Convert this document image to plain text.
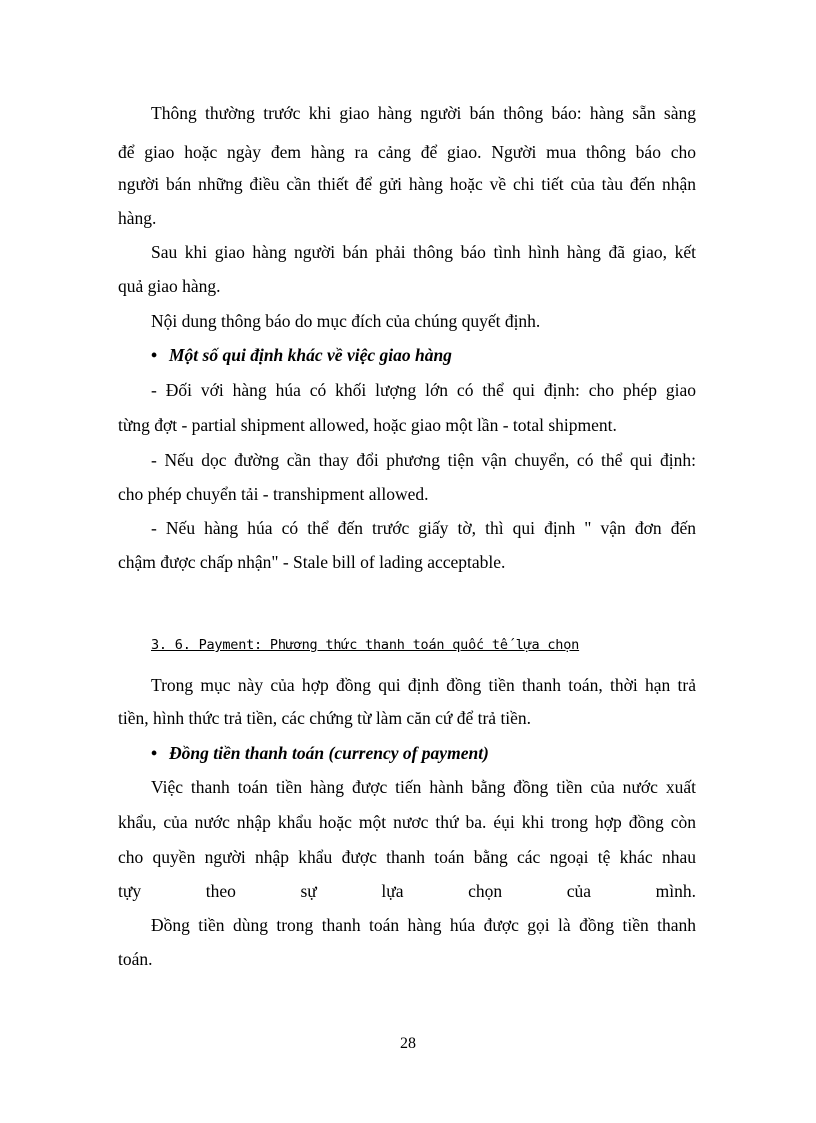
Thông thường trước khi giao hàng người bán thông báo: hàng sẵn sàng

để giao hoặc ngày đem hàng ra cảng để giao. Người mua thông báo cho

người bán những điều cần thiết để gửi hàng hoặc về chi tiết của tàu đến nhận

hàng.

Sau khi giao hàng người bán phải thông báo tình hình hàng đã giao, kết

quả giao hàng.

Nội dung thông báo do mục đích của chúng quyết định.

• Một số qui định khác về việc giao hàng

- Đối với hàng húa có khối lượng lớn có thể qui định: cho phép giao

từng đợt - partial shipment allowed, hoặc giao một lần - total shipment.

- Nếu dọc đường cần thay đổi phương tiện vận chuyển, có thể qui định:

cho phép chuyển tải - transhipment allowed.

- Nếu hàng húa có thể đến trước giấy tờ, thì qui định " vận đơn đến

chậm được chấp nhận" - Stale bill of lading acceptable.

3. 6. Payment: Phương thức thanh toán quốc tế lựa chọn

Trong mục này của hợp đồng qui định đồng tiền thanh toán, thời hạn trả

tiền, hình thức trả tiền, các chứng từ làm căn cứ để trả tiền.

• Đồng tiền thanh toán (currency of payment)

Việc thanh toán tiền hàng được tiến hành bằng đồng tiền của nước xuất

khẩu, của nước nhập khẩu hoặc một nươc thứ ba. éụi khi trong hợp đồng còn

cho quyền người nhập khẩu được thanh toán bằng các ngoại tệ khác nhau

tựy theo sự lựa chọn của mình.

Đồng tiền dùng trong thanh toán hàng húa được gọi là đồng tiền thanh

toán.

28
